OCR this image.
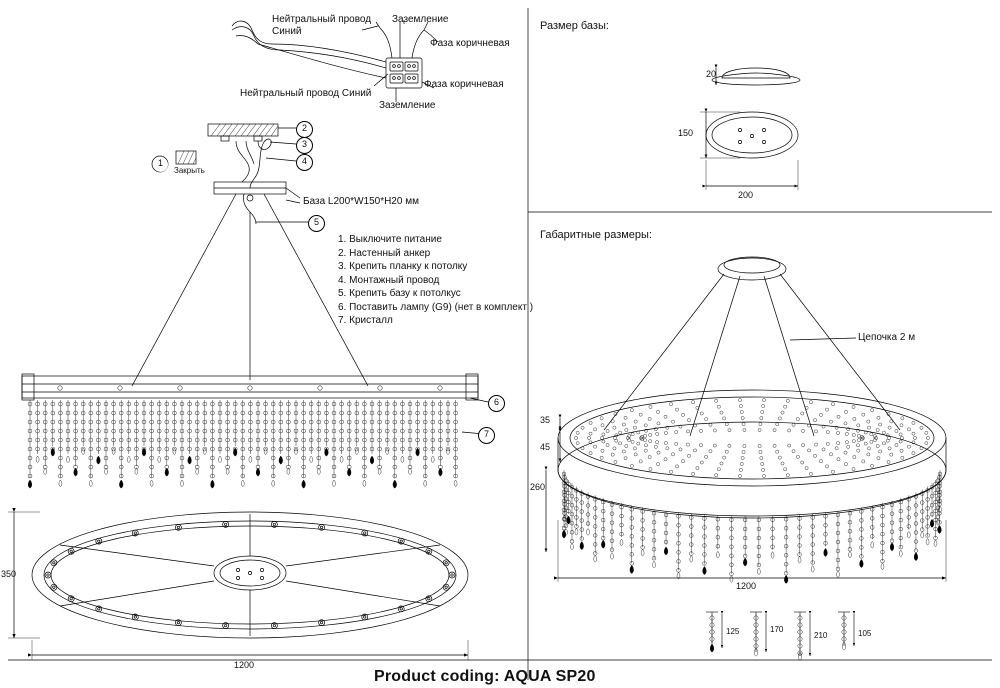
Нейтральный провод
Синий
Заземление
Фаза коричневая
Фаза коричневая
Нейтральный провод Синий
Заземление
1
2
3
4
5
6
7
Закрыть
База L200*W150*H20 мм
1. Выключите питание
2. Настенный анкер
3. Крепить планку к потолку
4. Монтажный провод
5. Крепить базу к потолкус
6. Поставить лампу (G9) (нет в комплект )
7. Кристалл
Размер базы:
20
150
200
Габаритные размеры:
Цепочка 2 м
35
45
260
1200
350
1200
125	170
210	105
Product coding: AQUA SP20
